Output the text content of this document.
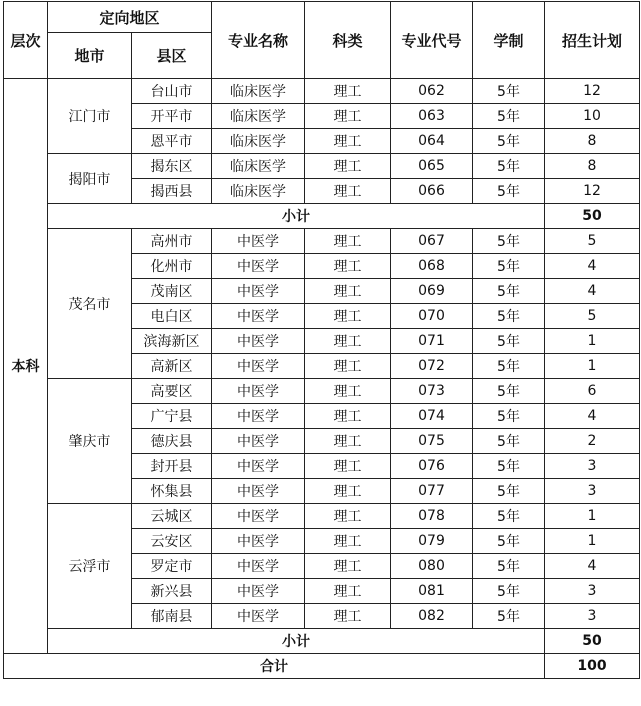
层次	定向地区		专业名称	科类	专业代号	学制	招生计划
	地市	县区					
本科	江门市	台山市	临床医学	理工	062	5年	12
		开平市	临床医学	理工	063	5年	10
		恩平市	临床医学	理工	064	5年	8
	揭阳市	揭东区	临床医学	理工	065	5年	8
		揭西县	临床医学	理工	066	5年	12
	小计						50
	茂名市	高州市	中医学	理工	067	5年	5
		化州市	中医学	理工	068	5年	4
		茂南区	中医学	理工	069	5年	4
		电白区	中医学	理工	070	5年	5
		滨海新区	中医学	理工	071	5年	1
		高新区	中医学	理工	072	5年	1
	肇庆市	高要区	中医学	理工	073	5年	6
		广宁县	中医学	理工	074	5年	4
		德庆县	中医学	理工	075	5年	2
		封开县	中医学	理工	076	5年	3
		怀集县	中医学	理工	077	5年	3
	云浮市	云城区	中医学	理工	078	5年	1
		云安区	中医学	理工	079	5年	1
		罗定市	中医学	理工	080	5年	4
		新兴县	中医学	理工	081	5年	3
		郁南县	中医学	理工	082	5年	3
	小计						50
合计							100
